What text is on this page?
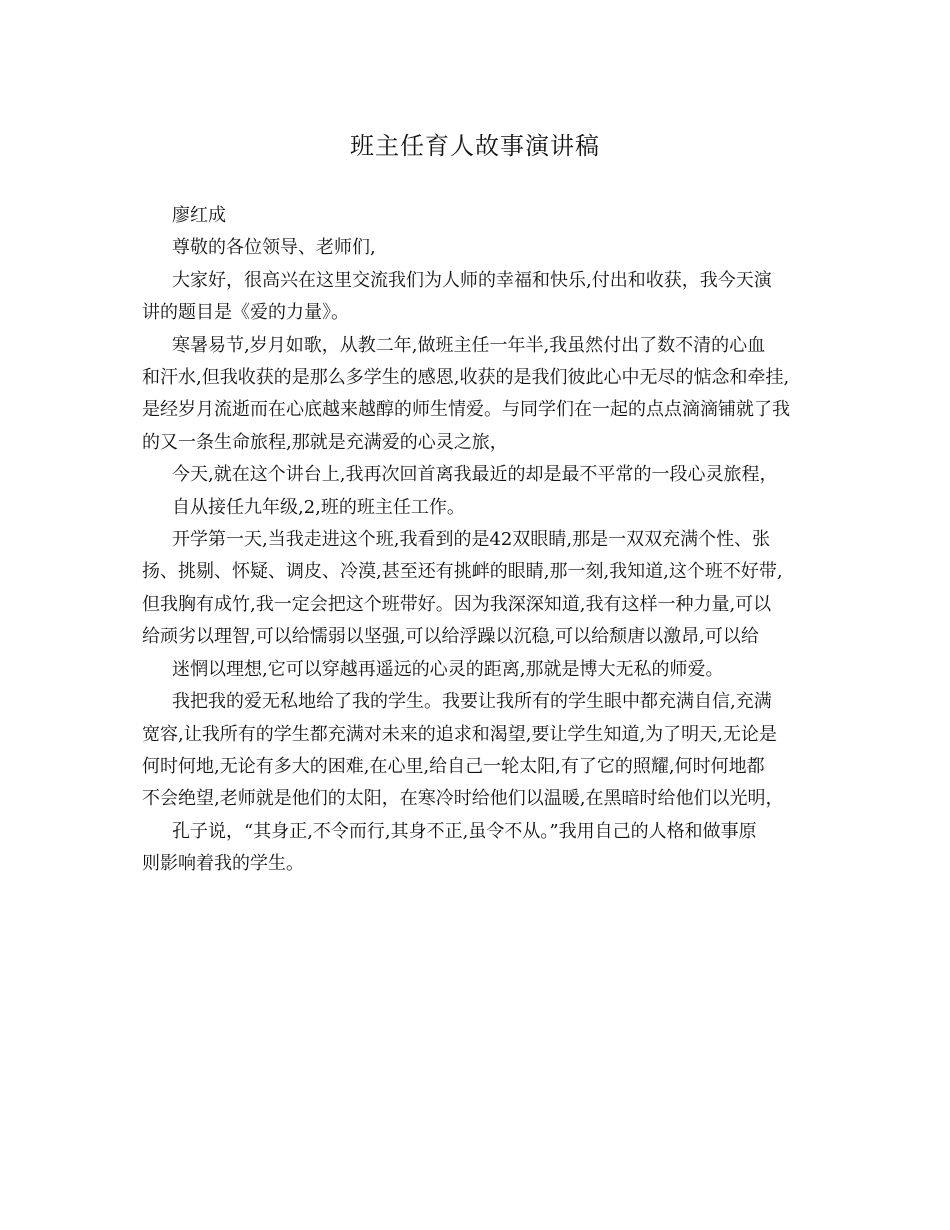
班主任育人故事演讲稿
廖红成
尊敬的各位领导、老师们,
大家好，很高兴在这里交流我们为人师的幸福和快乐,付出和收获，我今天演
讲的题目是《爱的力量》。
寒暑易节,岁月如歌，从教二年,做班主任一年半,我虽然付出了数不清的心血
和汗水,但我收获的是那么多学生的感恩,收获的是我们彼此心中无尽的惦念和牵挂,
是经岁月流逝而在心底越来越醇的师生情爱。与同学们在一起的点点滴滴铺就了我
的又一条生命旅程,那就是充满爱的心灵之旅，
今天,就在这个讲台上,我再次回首离我最近的却是最不平常的一段心灵旅程，
自从接任九年级,2,班的班主任工作。
开学第一天,当我走进这个班,我看到的是42双眼睛,那是一双双充满个性、张
扬、挑剔、怀疑、调皮、冷漠,甚至还有挑衅的眼睛,那一刻,我知道,这个班不好带,
但我胸有成竹,我一定会把这个班带好。因为我深深知道,我有这样一种力量,可以
给顽劣以理智,可以给懦弱以坚强,可以给浮躁以沉稳,可以给颓唐以激昂,可以给
迷惘以理想,它可以穿越再遥远的心灵的距离,那就是博大无私的师爱。
我把我的爱无私地给了我的学生。我要让我所有的学生眼中都充满自信,充满
宽容,让我所有的学生都充满对未来的追求和渴望,要让学生知道,为了明天,无论是
何时何地,无论有多大的困难,在心里,给自己一轮太阳,有了它的照耀,何时何地都
不会绝望,老师就是他们的太阳，在寒冷时给他们以温暖,在黑暗时给他们以光明，
孔子说，“其身正,不令而行,其身不正,虽令不从。”我用自己的人格和做事原
则影响着我的学生。
